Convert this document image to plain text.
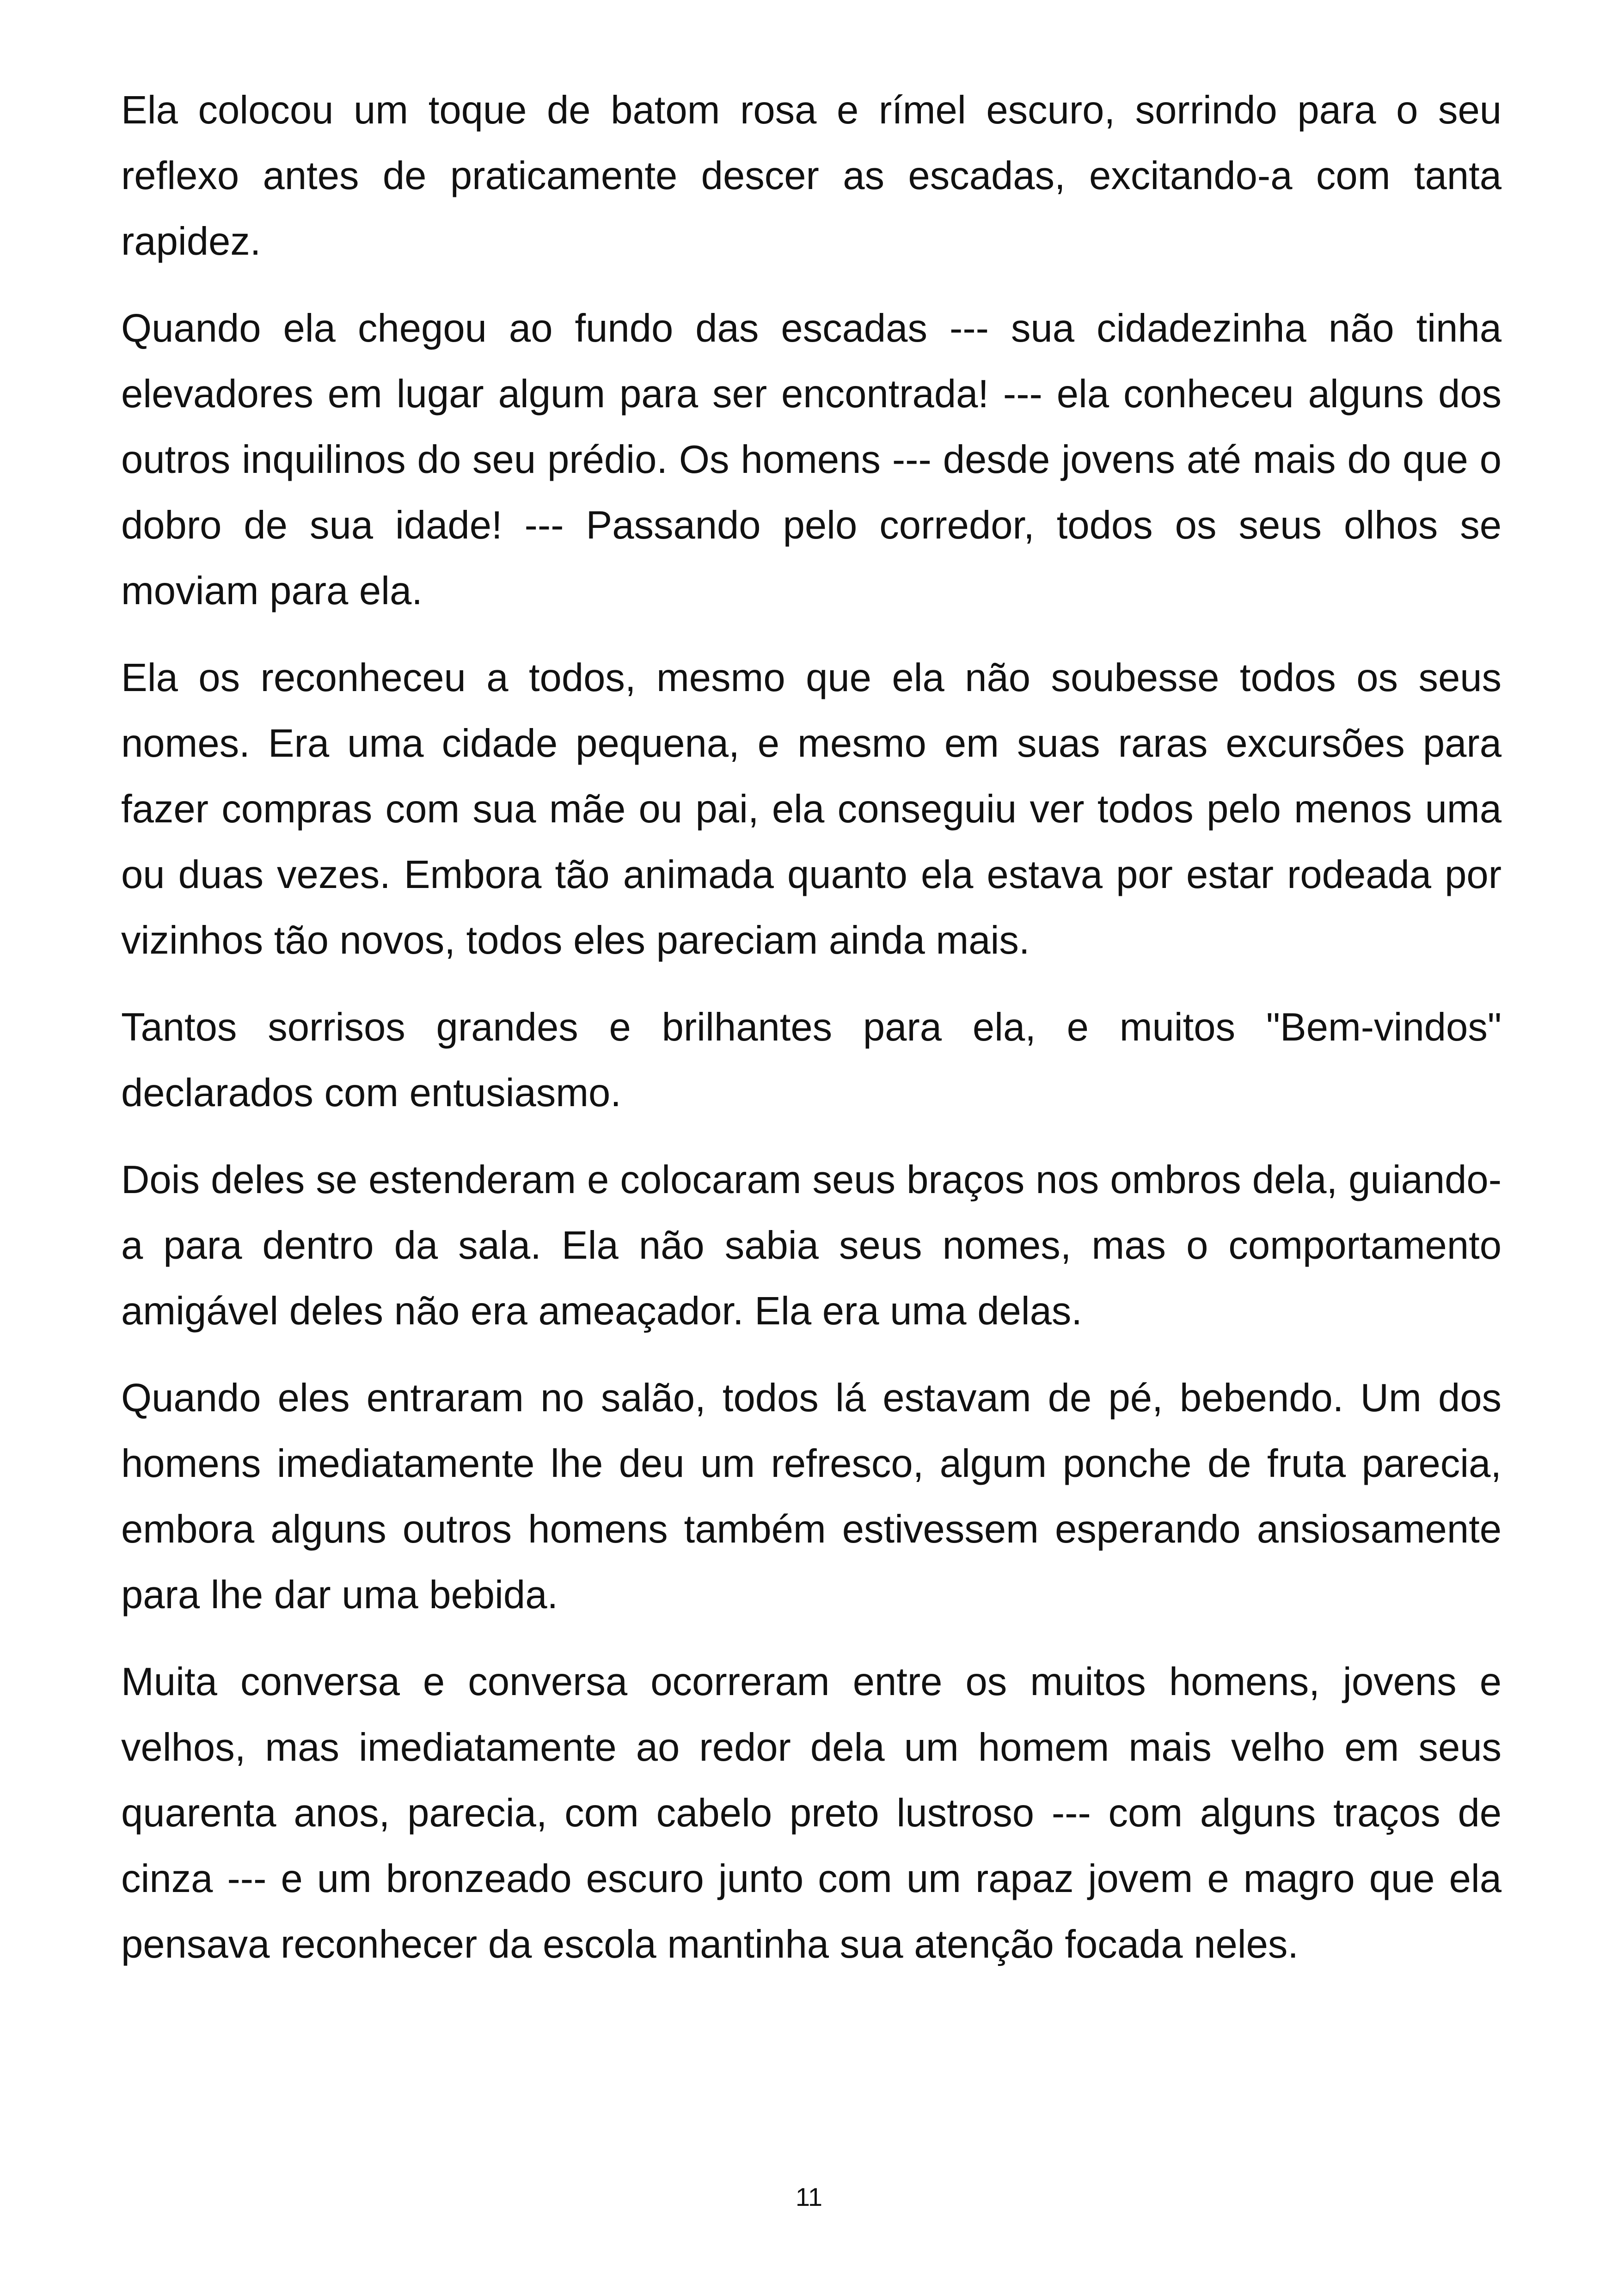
Ela colocou um toque de batom rosa e rímel escuro, sorrindo para o seu reflexo antes de praticamente descer as escadas, excitando-a com tanta rapidez.

Quando ela chegou ao fundo das escadas --- sua cidadezinha não tinha elevadores em lugar algum para ser encontrada! --- ela conheceu alguns dos outros inquilinos do seu prédio. Os homens --- desde jovens até mais do que o dobro de sua idade! --- Passando pelo corredor, todos os seus olhos se moviam para ela.

Ela os reconheceu a todos, mesmo que ela não soubesse todos os seus nomes. Era uma cidade pequena, e mesmo em suas raras excursões para fazer compras com sua mãe ou pai, ela conseguiu ver todos pelo menos uma ou duas vezes. Embora tão animada quanto ela estava por estar rodeada por vizinhos tão novos, todos eles pareciam ainda mais.

Tantos sorrisos grandes e brilhantes para ela, e muitos "Bem-vindos" declarados com entusiasmo.

Dois deles se estenderam e colocaram seus braços nos ombros dela, guiando-a para dentro da sala. Ela não sabia seus nomes, mas o comportamento amigável deles não era ameaçador. Ela era uma delas.

Quando eles entraram no salão, todos lá estavam de pé, bebendo. Um dos homens imediatamente lhe deu um refresco, algum ponche de fruta parecia, embora alguns outros homens também estivessem esperando ansiosamente para lhe dar uma bebida.

Muita conversa e conversa ocorreram entre os muitos homens, jovens e velhos, mas imediatamente ao redor dela um homem mais velho em seus quarenta anos, parecia, com cabelo preto lustroso --- com alguns traços de cinza --- e um bronzeado escuro junto com um rapaz jovem e magro que ela pensava reconhecer da escola mantinha sua atenção focada neles.

11
